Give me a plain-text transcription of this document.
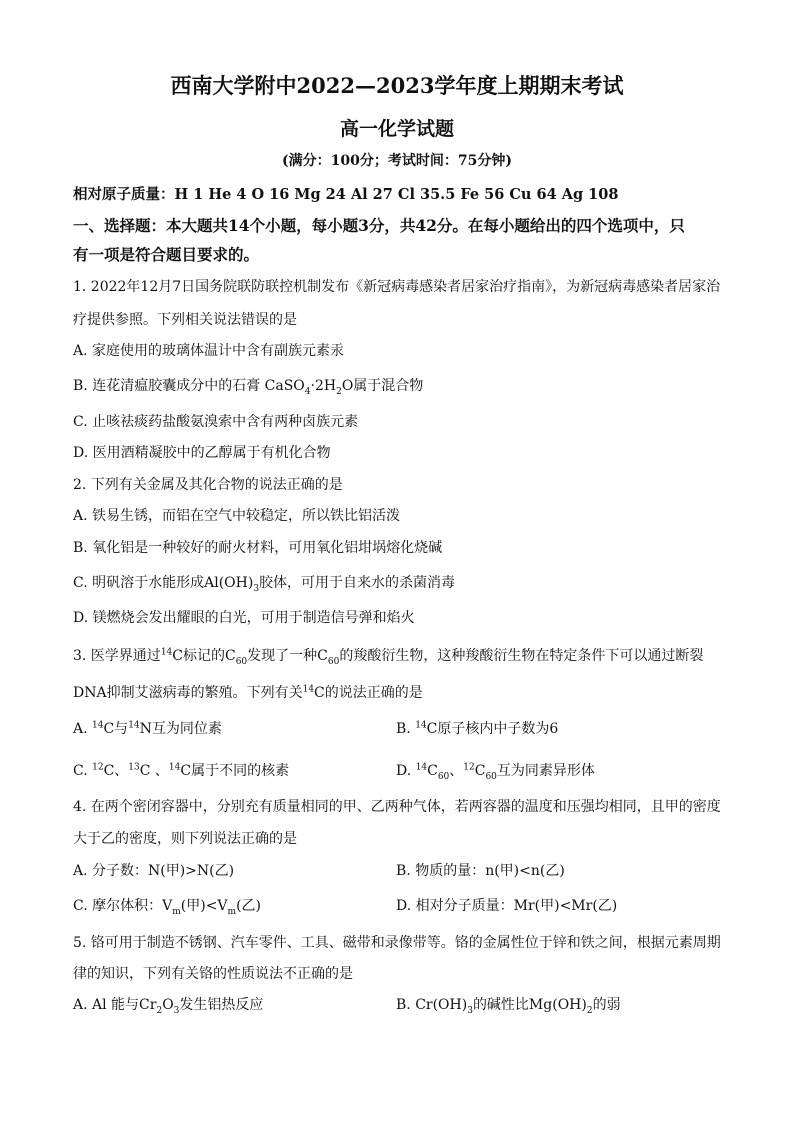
西南大学附中2022—2023学年度上期期末考试
高一化学试题
(满分：100分；考试时间：75分钟)
相对原子质量：H 1 He 4 O 16 Mg 24 Al 27 Cl 35.5 Fe 56 Cu 64 Ag 108
一、选择题：本大题共14个小题，每小题3分，共42分。在每小题给出的四个选项中，只
有一项是符合题目要求的。
1. 2022年12月7日国务院联防联控机制发布《新冠病毒感染者居家治疗指南》，为新冠病毒感染者居家治
疗提供参照。下列相关说法错误的是
A. 家庭使用的玻璃体温计中含有副族元素汞
B. 连花清瘟胶囊成分中的石膏 $CaSO_4\cdot 2H_2O$属于混合物
C. 止咳祛痰药盐酸氨溴索中含有两种卤族元素
D. 医用酒精凝胶中的乙醇属于有机化合物
2. 下列有关金属及其化合物的说法正确的是
A. 铁易生锈，而铝在空气中较稳定，所以铁比铝活泼
B. 氧化铝是一种较好的耐火材料，可用氧化铝坩埚熔化烧碱
C. 明矾溶于水能形成$Al(OH)_3$胶体，可用于自来水的杀菌消毒
D. 镁燃烧会发出耀眼的白光，可用于制造信号弹和焰火
3. 医学界通过$^{14}$C标记的$C_{60}$发现了一种$C_{60}$的羧酸衍生物，这种羧酸衍生物在特定条件下可以通过断裂
DNA抑制艾滋病毒的繁殖。下列有关$^{14}$C的说法正确的是
A. $^{14}$C与$^{14}$N互为同位素	B. $^{14}$C原子核内中子数为6
C. $^{12}$C、$^{13}$C 、$^{14}$C属于不同的核素	D. $^{14}C_{60}$、$^{12}C_{60}$互为同素异形体
4. 在两个密闭容器中，分别充有质量相同的甲、乙两种气体，若两容器的温度和压强均相同，且甲的密度
大于乙的密度，则下列说法正确的是
A. 分子数：N(甲)>N(乙)	B. 物质的量：n(甲)<n(乙)
C. 摩尔体积：$V_m$(甲)$<V_m$(乙)	D. 相对分子质量：Mr(甲)<Mr(乙)
5. 铬可用于制造不锈钢、汽车零件、工具、磁带和录像带等。铬的金属性位于锌和铁之间，根据元素周期
律的知识，下列有关铬的性质说法不正确的是
A. Al 能与$Cr_2O_3$发生铝热反应	B. $Cr(OH)_3$的碱性比$Mg(OH)_2$的弱
